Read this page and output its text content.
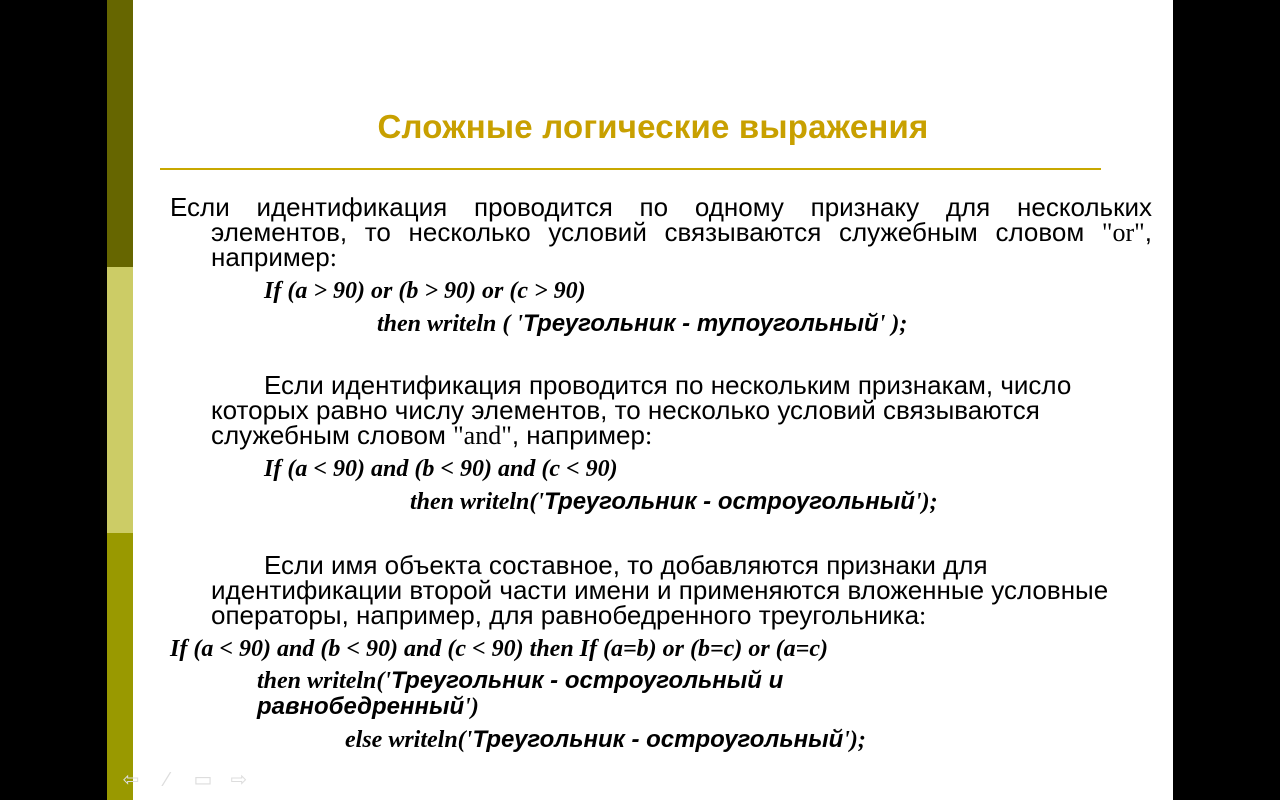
Сложные логические выражения
Если идентификация проводится по одному признаку для нескольких элементов, то несколько условий связываются служебным словом "or", например:
If (a > 90) or (b > 90) or (c > 90)
then writeln ( 'Треугольник - тупоугольный' );
Если идентификация проводится по нескольким признакам, число которых равно числу элементов, то несколько условий связываются служебным словом "and", например:
If (a < 90) and (b < 90) and (c < 90)
then writeln('Треугольник - остроугольный');
Если имя объекта составное, то добавляются признаки для идентификации второй части имени и применяются вложенные условные операторы, например, для равнобедренного треугольника:
If (a < 90) and (b < 90) and (c < 90) then If (a=b) or (b=c) or (a=c)
then writeln('Треугольник - остроугольный и равнобедренный')
else writeln('Треугольник - остроугольный');
⇦	⁄	▭ ⇨
